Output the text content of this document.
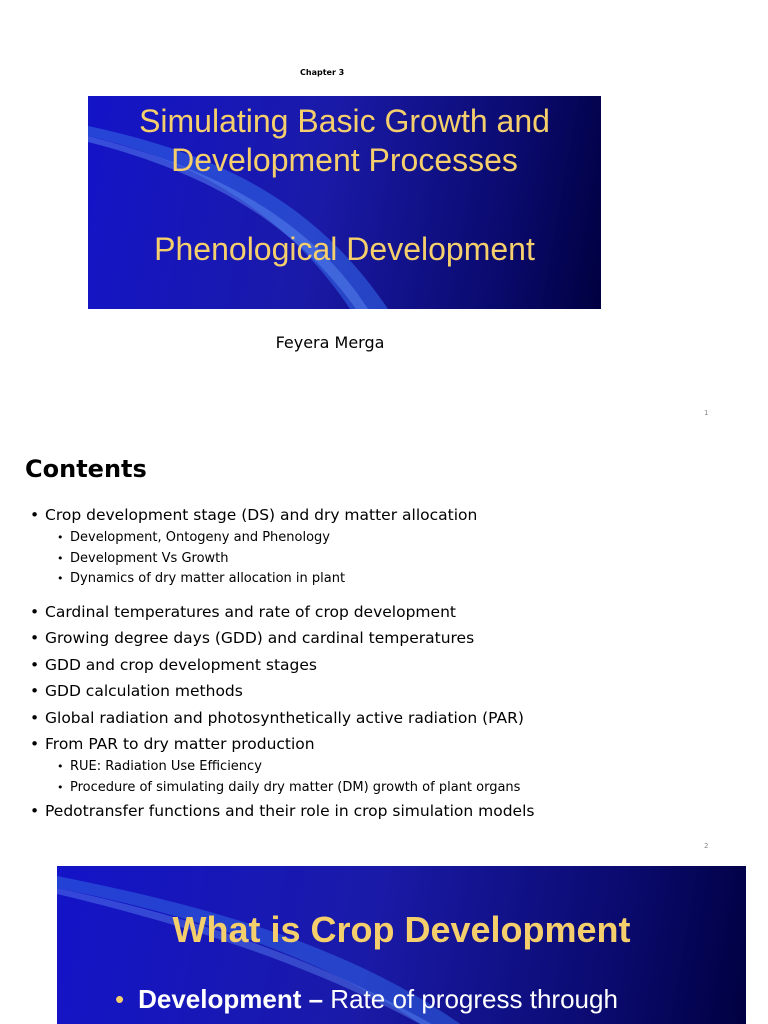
Chapter 3
Simulating Basic Growth and
Development Processes
Phenological Development
Feyera Merga
1
Contents
• Crop development stage (DS) and dry matter allocation
• Development, Ontogeny and Phenology
• Development Vs Growth
• Dynamics of dry matter allocation in plant
• Cardinal temperatures and rate of crop development
• Growing degree days (GDD) and cardinal temperatures
• GDD and crop development stages
• GDD calculation methods
• Global radiation and photosynthetically active radiation (PAR)
• From PAR to dry matter production
• RUE: Radiation Use Efficiency
• Procedure of simulating daily dry matter (DM) growth of plant organs
• Pedotransfer functions and their role in crop simulation models
2
What is Crop Development
• Development – Rate of progress through
